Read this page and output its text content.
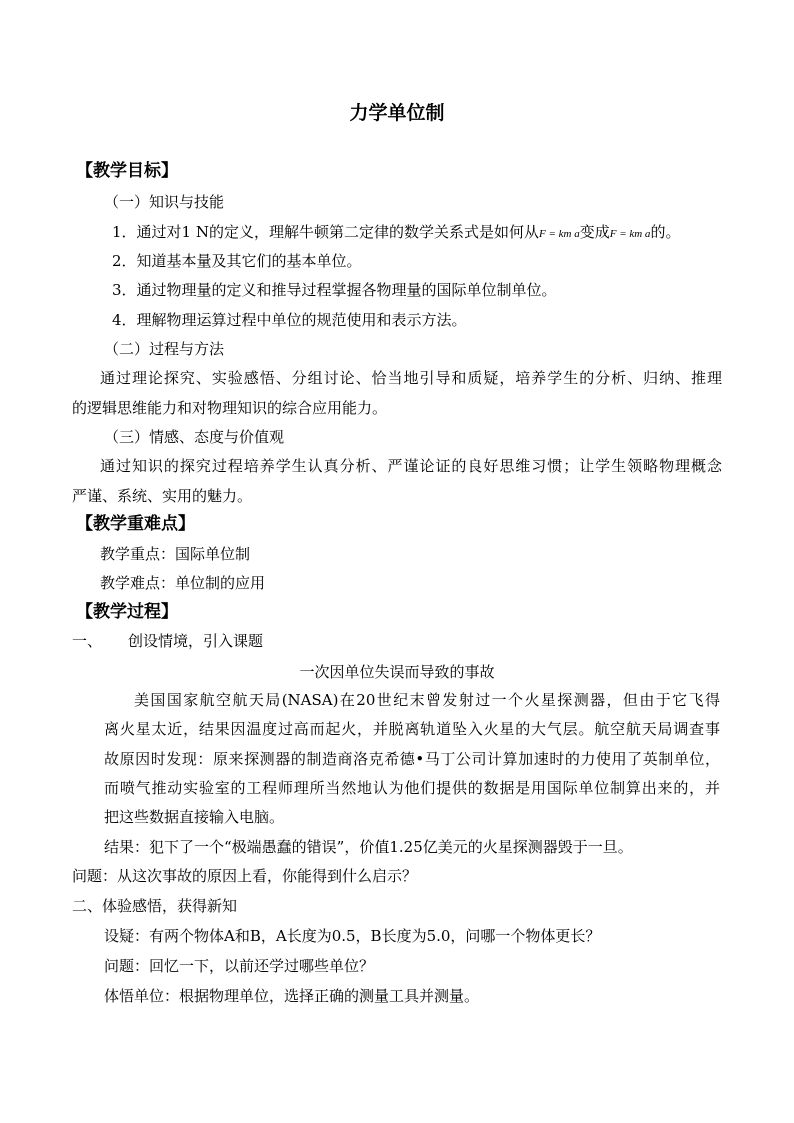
力学单位制
【教学目标】
（一）知识与技能
1．通过对1 N的定义，理解牛顿第二定律的数学关系式是如何从F = km a变成F = km a的。
2．知道基本量及其它们的基本单位。
3．通过物理量的定义和推导过程掌握各物理量的国际单位制单位。
4．理解物理运算过程中单位的规范使用和表示方法。
（二）过程与方法
通过理论探究、实验感悟、分组讨论、恰当地引导和质疑，培养学生的分析、归纳、推理
的逻辑思维能力和对物理知识的综合应用能力。
（三）情感、态度与价值观
通过知识的探究过程培养学生认真分析、严谨论证的良好思维习惯；让学生领略物理概念
严谨、系统、实用的魅力。
【教学重难点】
教学重点：国际单位制
教学难点：单位制的应用
【教学过程】
一、 创设情境，引入课题
一次因单位失误而导致的事故
美国国家航空航天局(NASA)在20世纪末曾发射过一个火星探测器，但由于它飞得
离火星太近，结果因温度过高而起火，并脱离轨道坠入火星的大气层。航空航天局调查事
故原因时发现：原来探测器的制造商洛克希德•马丁公司计算加速时的力使用了英制单位，
而喷气推动实验室的工程师理所当然地认为他们提供的数据是用国际单位制算出来的，并
把这些数据直接输入电脑。
结果：犯下了一个“极端愚蠢的错误”，价值1.25亿美元的火星探测器毁于一旦。
问题：从这次事故的原因上看，你能得到什么启示？
二、体验感悟，获得新知
设疑：有两个物体A和B，A长度为0.5，B长度为5.0，问哪一个物体更长？
问题：回忆一下，以前还学过哪些单位？
体悟单位：根据物理单位，选择正确的测量工具并测量。
